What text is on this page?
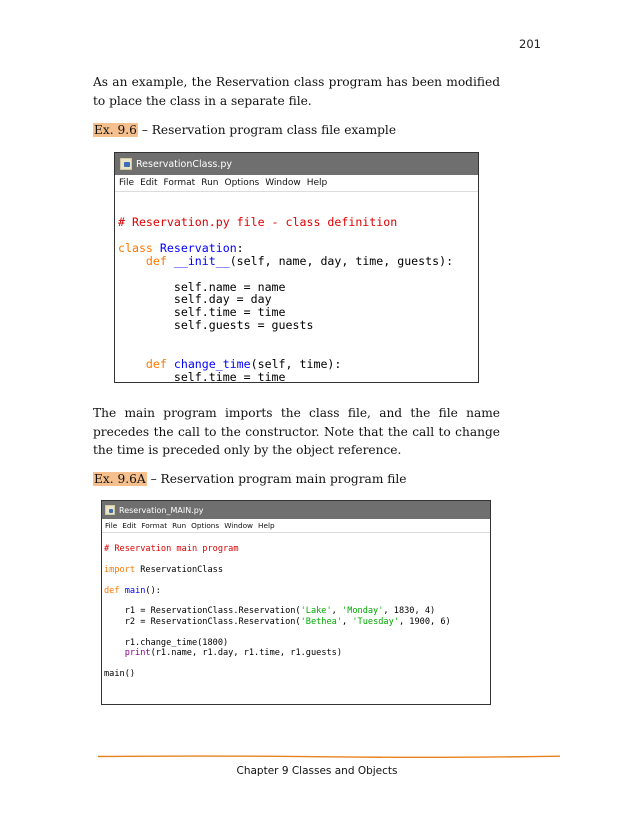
201

As an example, the Reservation class program has been modified to place the class in a separate file.

Ex. 9.6 – Reservation program class file example
ReservationClass.py
File Edit Format Run Options Window Help
# Reservation.py file - class definition

class Reservation:
def __init__(self, name, day, time, guests):

self.name = name
self.day = day
self.time = time
self.guests = guests

def change_time(self, time):
self.time = time

The main program imports the class file, and the file name precedes the call to the constructor. Note that the call to change the time is preceded only by the object reference.

Ex. 9.6A – Reservation program main program file
Reservation_MAIN.py
File Edit Format Run Options Window Help
# Reservation main program

import ReservationClass

def main():

r1 = ReservationClass.Reservation('Lake', 'Monday', 1830, 4)
r2 = ReservationClass.Reservation('Bethea', 'Tuesday', 1900, 6)

r1.change_time(1800)
print(r1.name, r1.day, r1.time, r1.guests)

main()
Chapter 9 Classes and Objects
